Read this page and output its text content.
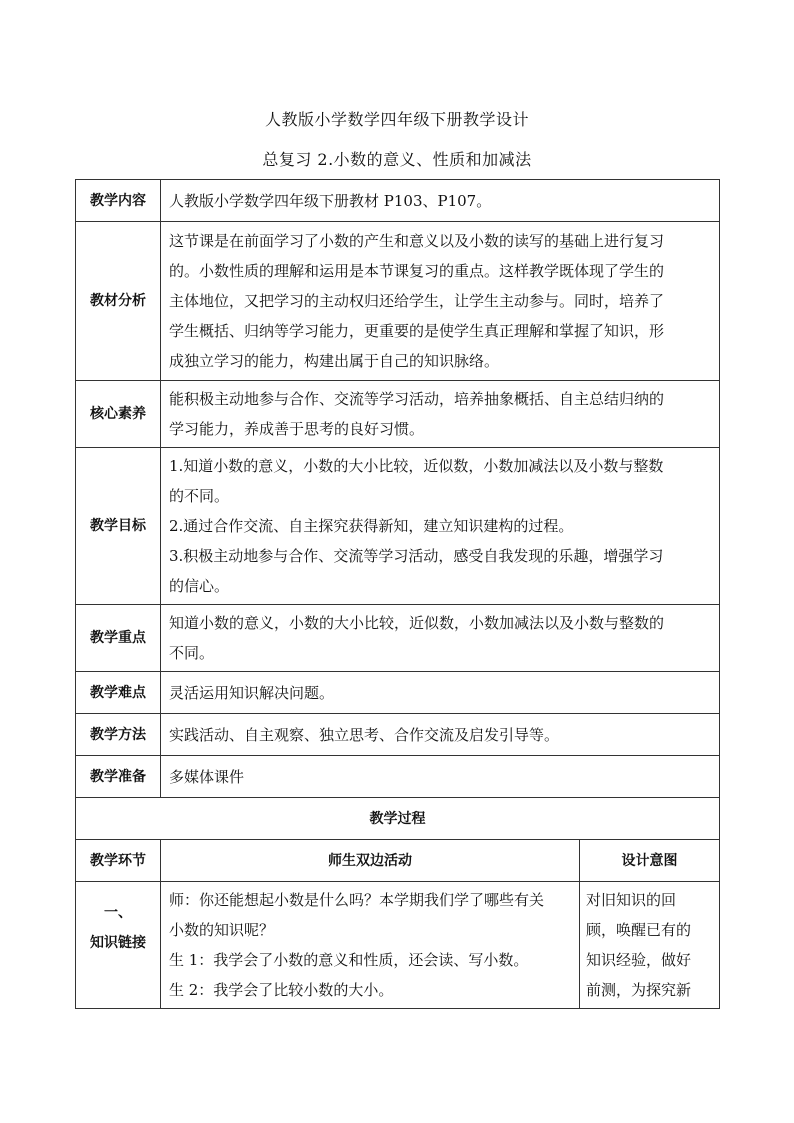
人教版小学数学四年级下册教学设计
总复习 2.小数的意义、性质和加减法
教学内容	人教版小学数学四年级下册教材 P103、P107。	

教材分析	这节课是在前面学习了小数的产生和意义以及小数的读写的基础上进行复习
的。小数性质的理解和运用是本节课复习的重点。这样教学既体现了学生的
主体地位，又把学习的主动权归还给学生，让学生主动参与。同时，培养了
学生概括、归纳等学习能力，更重要的是使学生真正理解和掌握了知识，形
成独立学习的能力，构建出属于自己的知识脉络。	

核心素养	能积极主动地参与合作、交流等学习活动，培养抽象概括、自主总结归纳的
学习能力，养成善于思考的良好习惯。	

教学目标	1.知道小数的意义，小数的大小比较，近似数，小数加减法以及小数与整数
的不同。
2.通过合作交流、自主探究获得新知，建立知识建构的过程。
3.积极主动地参与合作、交流等学习活动，感受自我发现的乐趣，增强学习
的信心。	

教学重点	知道小数的意义，小数的大小比较，近似数，小数加减法以及小数与整数的
不同。	

教学难点	灵活运用知识解决问题。	

教学方法	实践活动、自主观察、独立思考、合作交流及启发引导等。	

教学准备	多媒体课件	

教学过程		
教学环节	师生双边活动	设计意图

一、
知识链接	师：你还能想起小数是什么吗？本学期我们学了哪些有关
小数的知识呢？
生 1：我学会了小数的意义和性质，还会读、写小数。
生 2：我学会了比较小数的大小。	对旧知识的回
顾，唤醒已有的
知识经验，做好
前测，为探究新
